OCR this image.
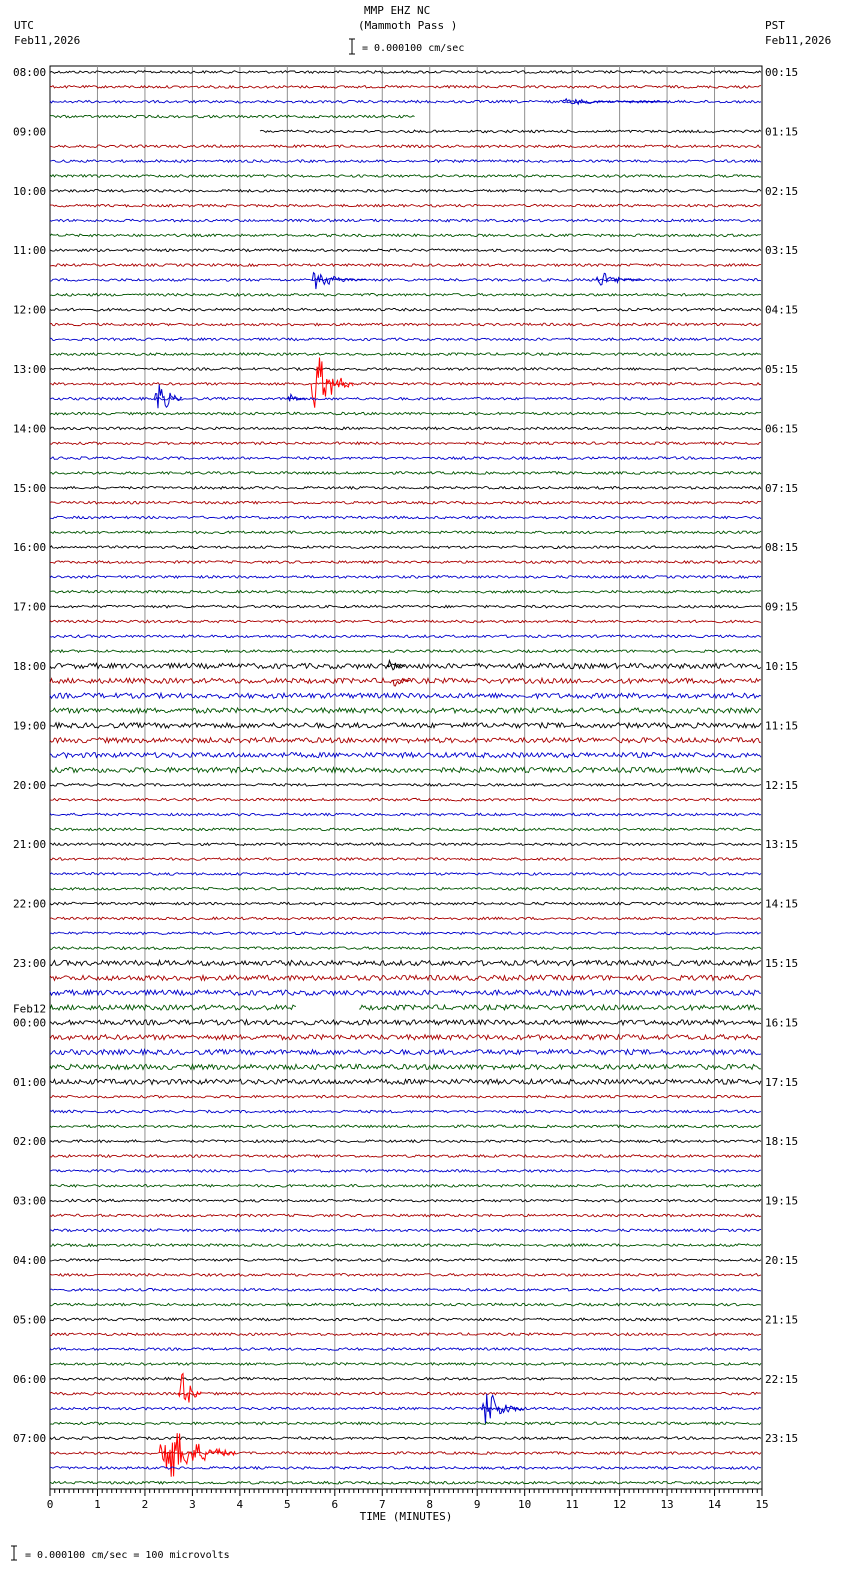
UTC
Feb11,2026
MMP EHZ NC
(Mammoth Pass )
= 0.000100 cm/sec
PST
Feb11,2026
08:00
09:00
10:00
11:00
12:00
13:00
14:00
15:00
16:00
17:00
18:00
19:00
20:00
21:00
22:00
23:00
00:00
Feb12
01:00
02:00
03:00
04:00
05:00
06:00
07:00
00:15
01:15
02:15
03:15
04:15
05:15
06:15
07:15
08:15
09:15
10:15
11:15
12:15
13:15
14:15
15:15
16:15
17:15
18:15
19:15
20:15
21:15
22:15
23:15
0	1	2	3	4	5	6	7	8	9	10	11	12	13	14	15
TIME (MINUTES)
= 0.000100 cm/sec = 100 microvolts
